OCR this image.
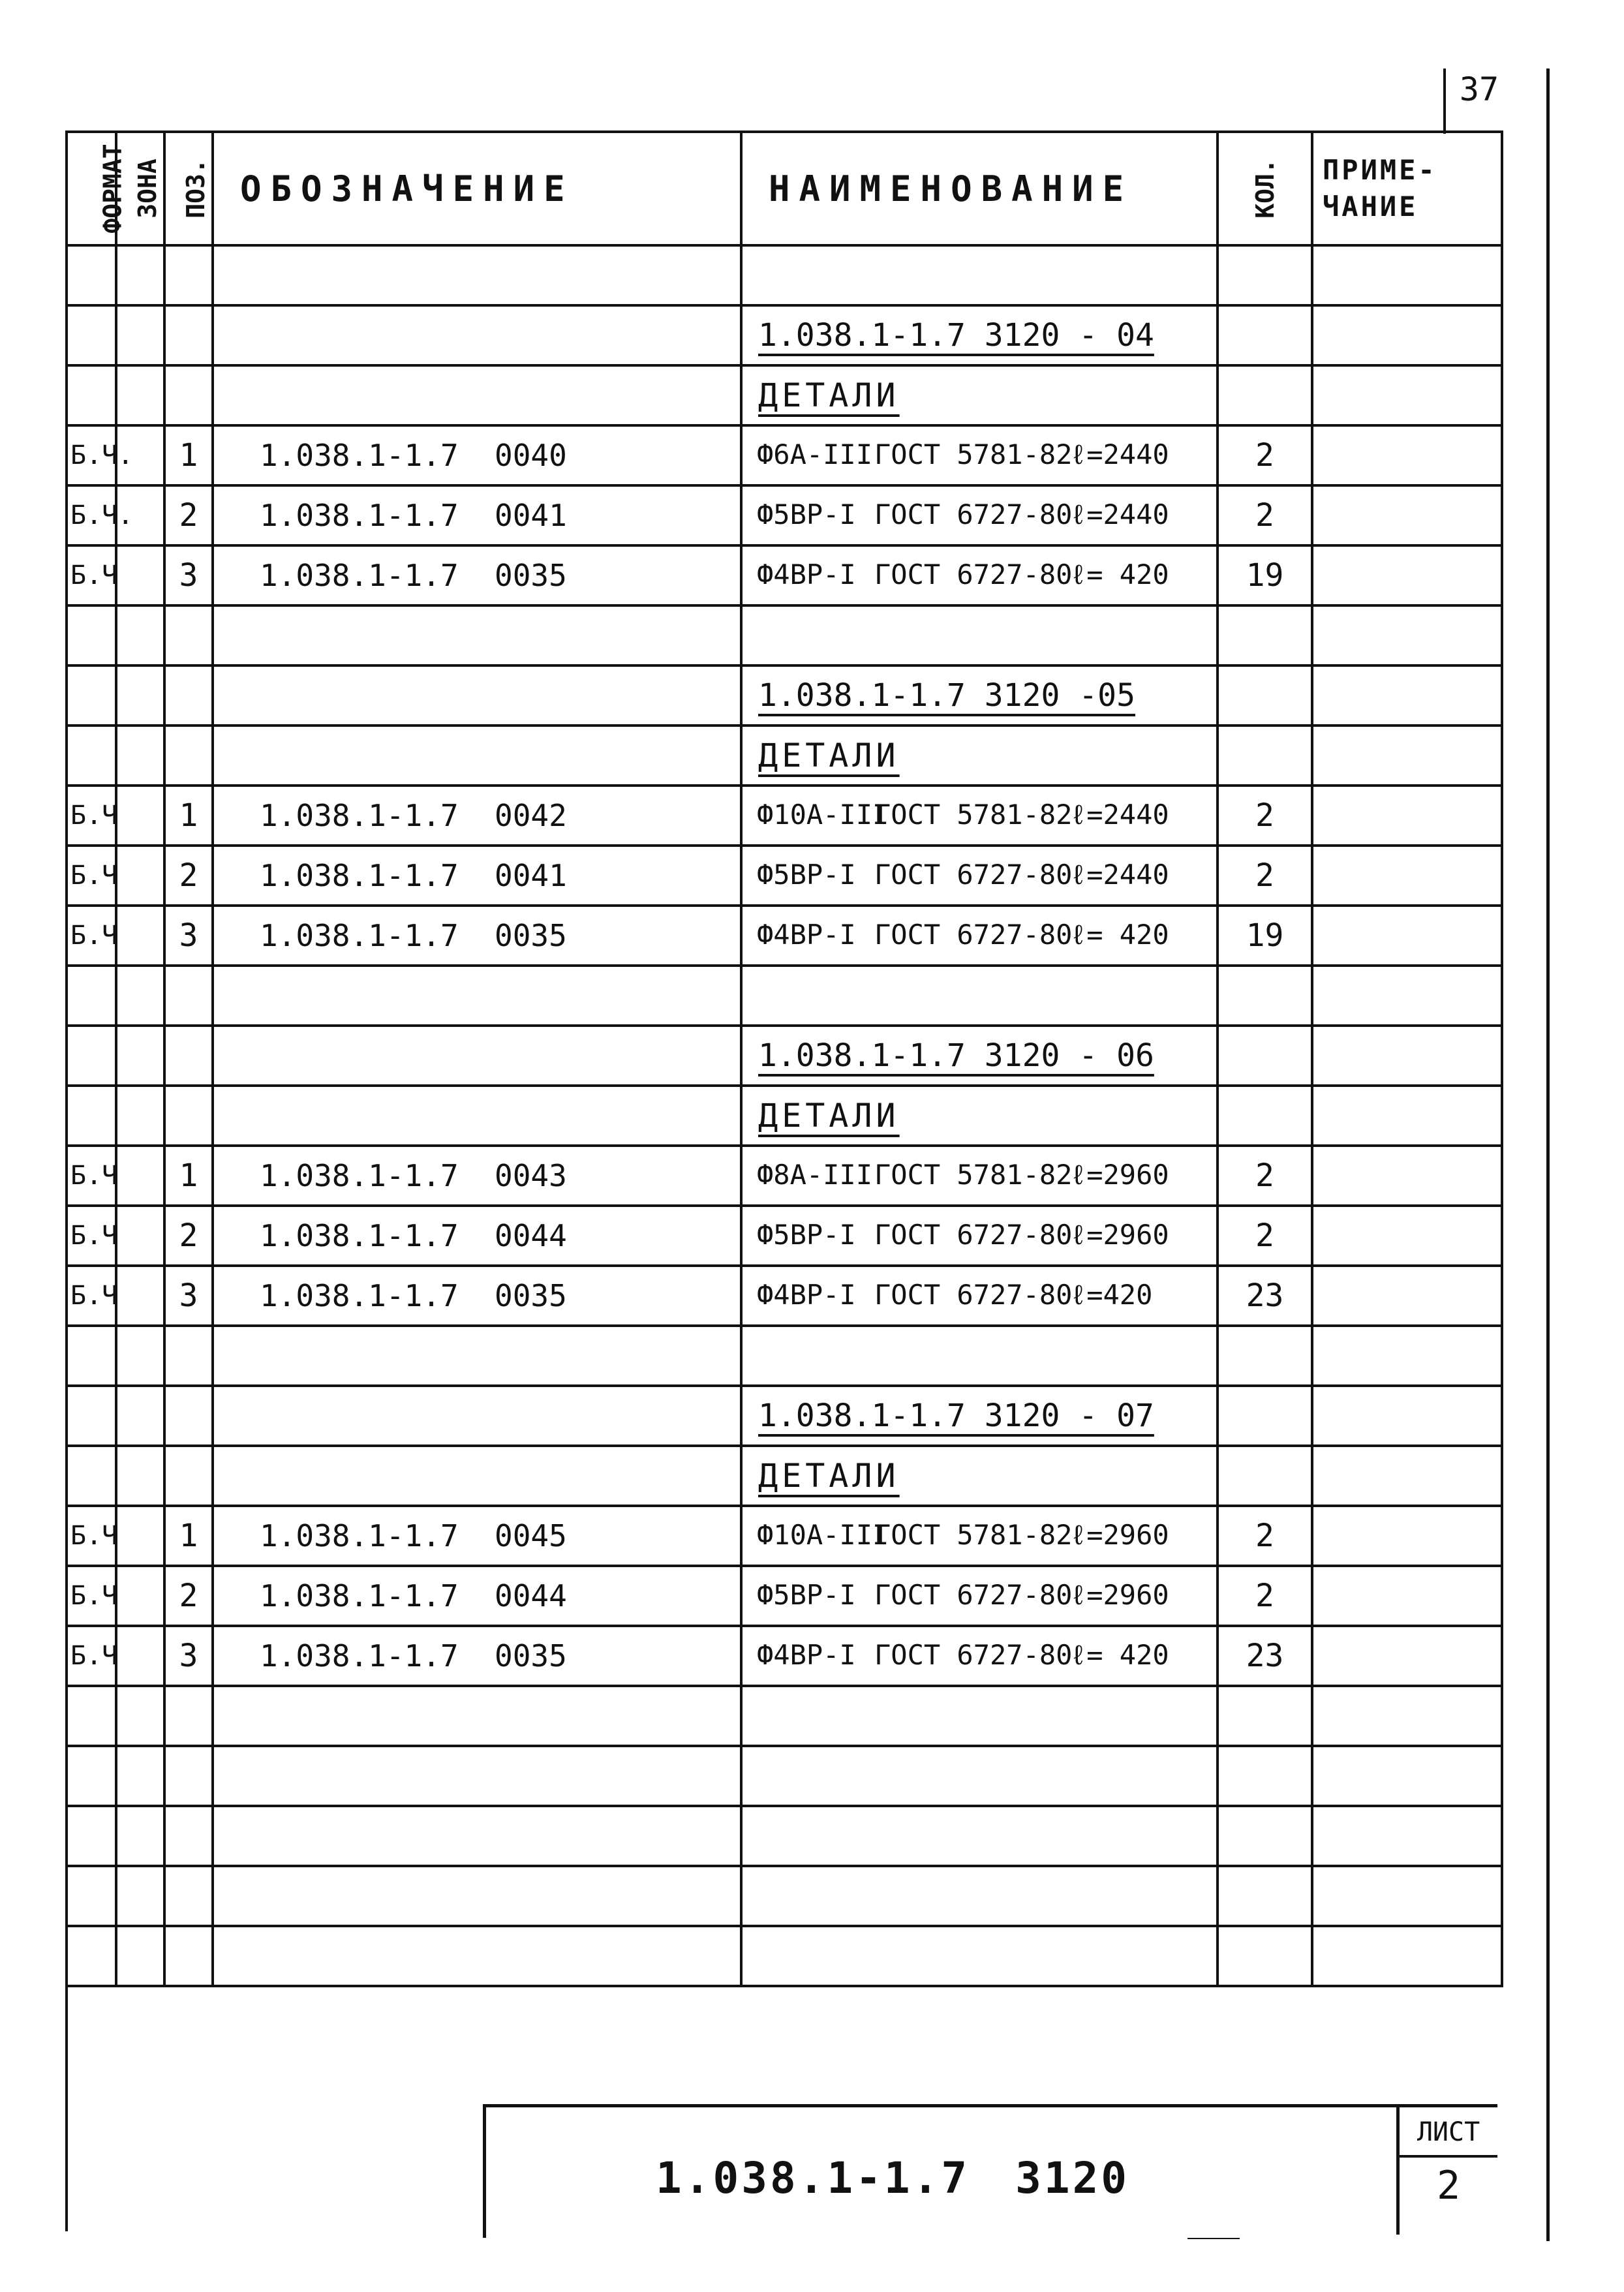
37
ФОРМАТ	ЗОНА	ПОЗ.	ОБОЗНАЧЕНИЕ	НАИМЕНОВАНИЕ	КОЛ.	ПРИМЕ-ЧАНИЕ

				1.038.1-1.7 3120 - 04		
				ДЕТАЛИ		
Б.Ч.		1	1.038.1-1.7 0040	Ф6А-IIIГОСТ 5781-82ℓ=2440	2	
Б.Ч.		2	1.038.1-1.7 0041	Ф5ВР-I ГОСТ 6727-80ℓ=2440	2	
Б.Ч		3	1.038.1-1.7 0035	Ф4ВР-I ГОСТ 6727-80ℓ= 420	19	

				1.038.1-1.7 3120 -05		
				ДЕТАЛИ		
Б.Ч		1	1.038.1-1.7 0042	Ф10А-IIIГОСТ 5781-82ℓ=2440	2	
Б.Ч		2	1.038.1-1.7 0041	Ф5ВР-I ГОСТ 6727-80ℓ=2440	2	
Б.Ч		3	1.038.1-1.7 0035	Ф4ВР-I ГОСТ 6727-80ℓ= 420	19	

				1.038.1-1.7 3120 - 06		
				ДЕТАЛИ		
Б.Ч		1	1.038.1-1.7 0043	Ф8А-IIIГОСТ 5781-82ℓ=2960	2	
Б.Ч		2	1.038.1-1.7 0044	Ф5ВР-I ГОСТ 6727-80ℓ=2960	2	
Б.Ч		3	1.038.1-1.7 0035	Ф4ВР-I ГОСТ 6727-80ℓ=420	23	

				1.038.1-1.7 3120 - 07		
				ДЕТАЛИ		
Б.Ч		1	1.038.1-1.7 0045	Ф10А-IIIГОСТ 5781-82ℓ=2960	2	
Б.Ч		2	1.038.1-1.7 0044	Ф5ВР-I ГОСТ 6727-80ℓ=2960	2	
Б.Ч		3	1.038.1-1.7 0035	Ф4ВР-I ГОСТ 6727-80ℓ= 420	23	

1.038.1-1.7 3120
ЛИСТ
2
